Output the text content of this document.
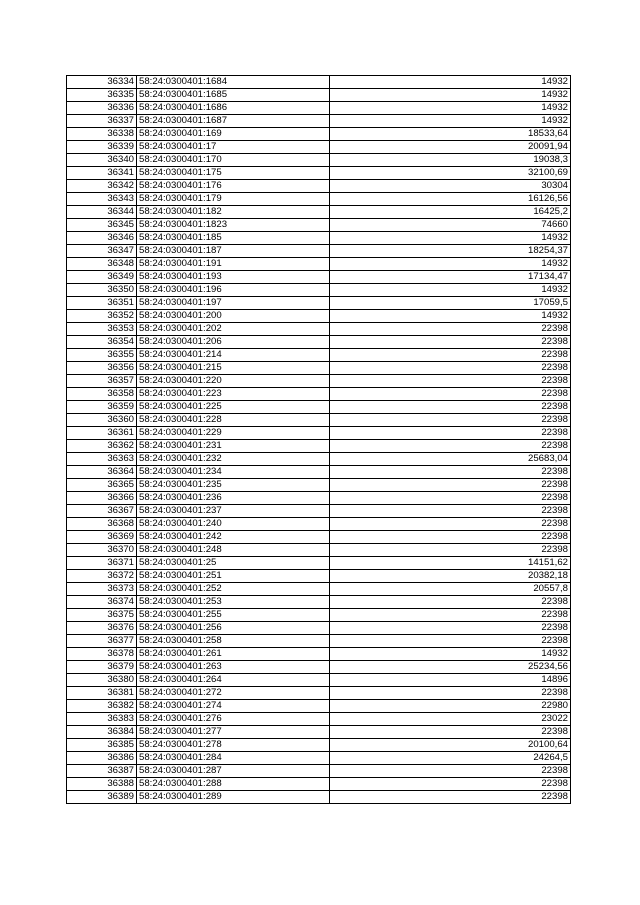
36334	58:24:0300401:1684	14932
36335	58:24:0300401:1685	14932
36336	58:24:0300401:1686	14932
36337	58:24:0300401:1687	14932
36338	58:24:0300401:169	18533,64
36339	58:24:0300401:17	20091,94
36340	58:24:0300401:170	19038,3
36341	58:24:0300401:175	32100,69
36342	58:24:0300401:176	30304
36343	58:24:0300401:179	16126,56
36344	58:24:0300401:182	16425,2
36345	58:24:0300401:1823	74660
36346	58:24:0300401:185	14932
36347	58:24:0300401:187	18254,37
36348	58:24:0300401:191	14932
36349	58:24:0300401:193	17134,47
36350	58:24:0300401:196	14932
36351	58:24:0300401:197	17059,5
36352	58:24:0300401:200	14932
36353	58:24:0300401:202	22398
36354	58:24:0300401:206	22398
36355	58:24:0300401:214	22398
36356	58:24:0300401:215	22398
36357	58:24:0300401:220	22398
36358	58:24:0300401:223	22398
36359	58:24:0300401:225	22398
36360	58:24:0300401:228	22398
36361	58:24:0300401:229	22398
36362	58:24:0300401:231	22398
36363	58:24:0300401:232	25683,04
36364	58:24:0300401:234	22398
36365	58:24:0300401:235	22398
36366	58:24:0300401:236	22398
36367	58:24:0300401:237	22398
36368	58:24:0300401:240	22398
36369	58:24:0300401:242	22398
36370	58:24:0300401:248	22398
36371	58:24:0300401:25	14151,62
36372	58:24:0300401:251	20382,18
36373	58:24:0300401:252	20557,8
36374	58:24:0300401:253	22398
36375	58:24:0300401:255	22398
36376	58:24:0300401:256	22398
36377	58:24:0300401:258	22398
36378	58:24:0300401:261	14932
36379	58:24:0300401:263	25234,56
36380	58:24:0300401:264	14896
36381	58:24:0300401:272	22398
36382	58:24:0300401:274	22980
36383	58:24:0300401:276	23022
36384	58:24:0300401:277	22398
36385	58:24:0300401:278	20100,64
36386	58:24:0300401:284	24264,5
36387	58:24:0300401:287	22398
36388	58:24:0300401:288	22398
36389	58:24:0300401:289	22398
